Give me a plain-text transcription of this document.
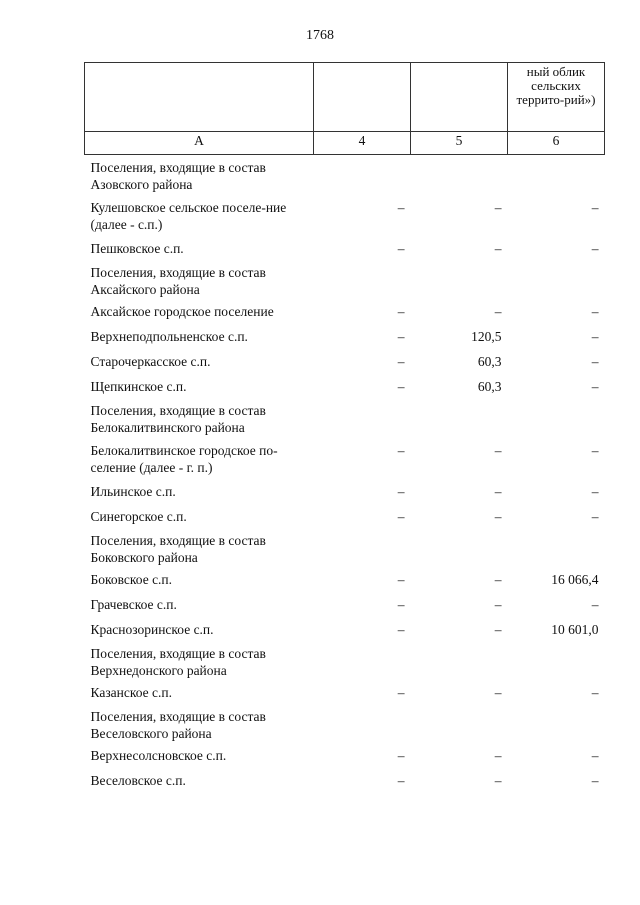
1768
			ный облик сельских террито-рий»)
А	4	5	6
Поселения, входящие в состав Азовского района			
Кулешовское сельское поселе-ние (далее - с.п.)	–	–	–
Пешковское с.п.	–	–	–
Поселения, входящие в состав Аксайского района			
Аксайское городское поселение	–	–	–
Верхнеподпольненское с.п.	–	120,5	–
Старочеркасское с.п.	–	60,3	–
Щепкинское с.п.	–	60,3	–
Поселения, входящие в состав Белокалитвинского района			
Белокалитвинское городское по-селение (далее - г. п.)	–	–	–
Ильинское с.п.	–	–	–
Синегорское с.п.	–	–	–
Поселения, входящие в состав Боковского района			
Боковское с.п.	–	–	16 066,4
Грачевское с.п.	–	–	–
Краснозоринское с.п.	–	–	10 601,0
Поселения, входящие в состав Верхнедонского района			
Казанское с.п.	–	–	–
Поселения, входящие в состав Веселовского района			
Верхнесолсновское с.п.	–	–	–
Веселовское с.п.	–	–	–
